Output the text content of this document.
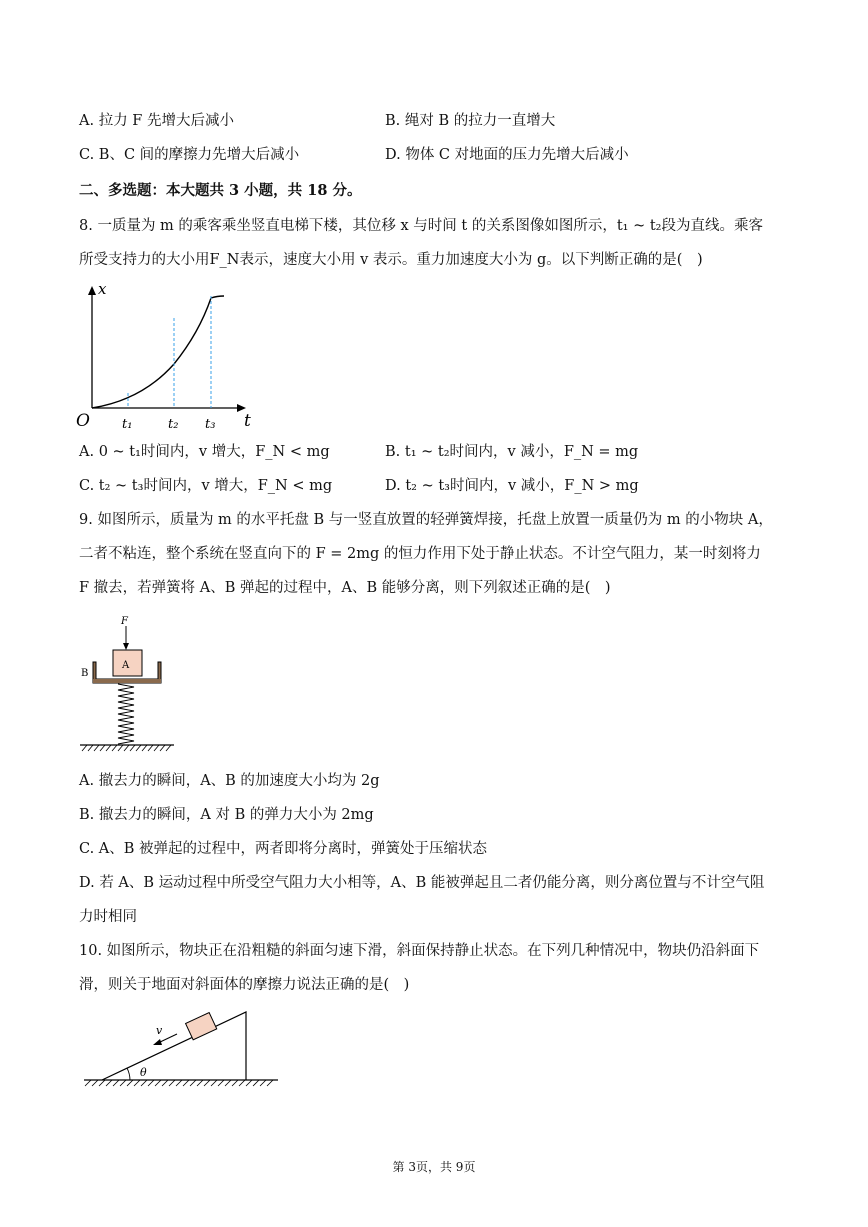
A. 拉力 F 先增大后减小	B. 绳对 B 的拉力一直增大
C. B、C 间的摩擦力先增大后减小	D. 物体 C 对地面的压力先增大后减小
二、多选题：本大题共 3 小题，共 18 分。
8. 一质量为 m 的乘客乘坐竖直电梯下楼，其位移 x 与时间 t 的关系图像如图所示，t₁ ~ t₂段为直线。乘客
所受支持力的大小用F_N表示，速度大小用 v 表示。重力加速度大小为 g。以下判断正确的是(　)
x
O	t
t₁	t₂ t₃
A. 0 ~ t₁时间内，v 增大，F_N < mg	B. t₁ ~ t₂时间内，v 减小，F_N = mg
C. t₂ ~ t₃时间内，v 增大，F_N < mg	D. t₂ ~ t₃时间内，v 减小，F_N > mg
9. 如图所示，质量为 m 的水平托盘 B 与一竖直放置的轻弹簧焊接，托盘上放置一质量仍为 m 的小物块 A，
二者不粘连，整个系统在竖直向下的 F = 2mg 的恒力作用下处于静止状态。不计空气阻力，某一时刻将力
F 撤去，若弹簧将 A、B 弹起的过程中，A、B 能够分离，则下列叙述正确的是(　)
F
A
B
A. 撤去力的瞬间，A、B 的加速度大小均为 2g
B. 撤去力的瞬间，A 对 B 的弹力大小为 2mg
C. A、B 被弹起的过程中，两者即将分离时，弹簧处于压缩状态
D. 若 A、B 运动过程中所受空气阻力大小相等，A、B 能被弹起且二者仍能分离，则分离位置与不计空气阻
力时相同
10. 如图所示，物块正在沿粗糙的斜面匀速下滑，斜面保持静止状态。在下列几种情况中，物块仍沿斜面下
滑，则关于地面对斜面体的摩擦力说法正确的是(　)
v
θ
第 3页，共 9页
